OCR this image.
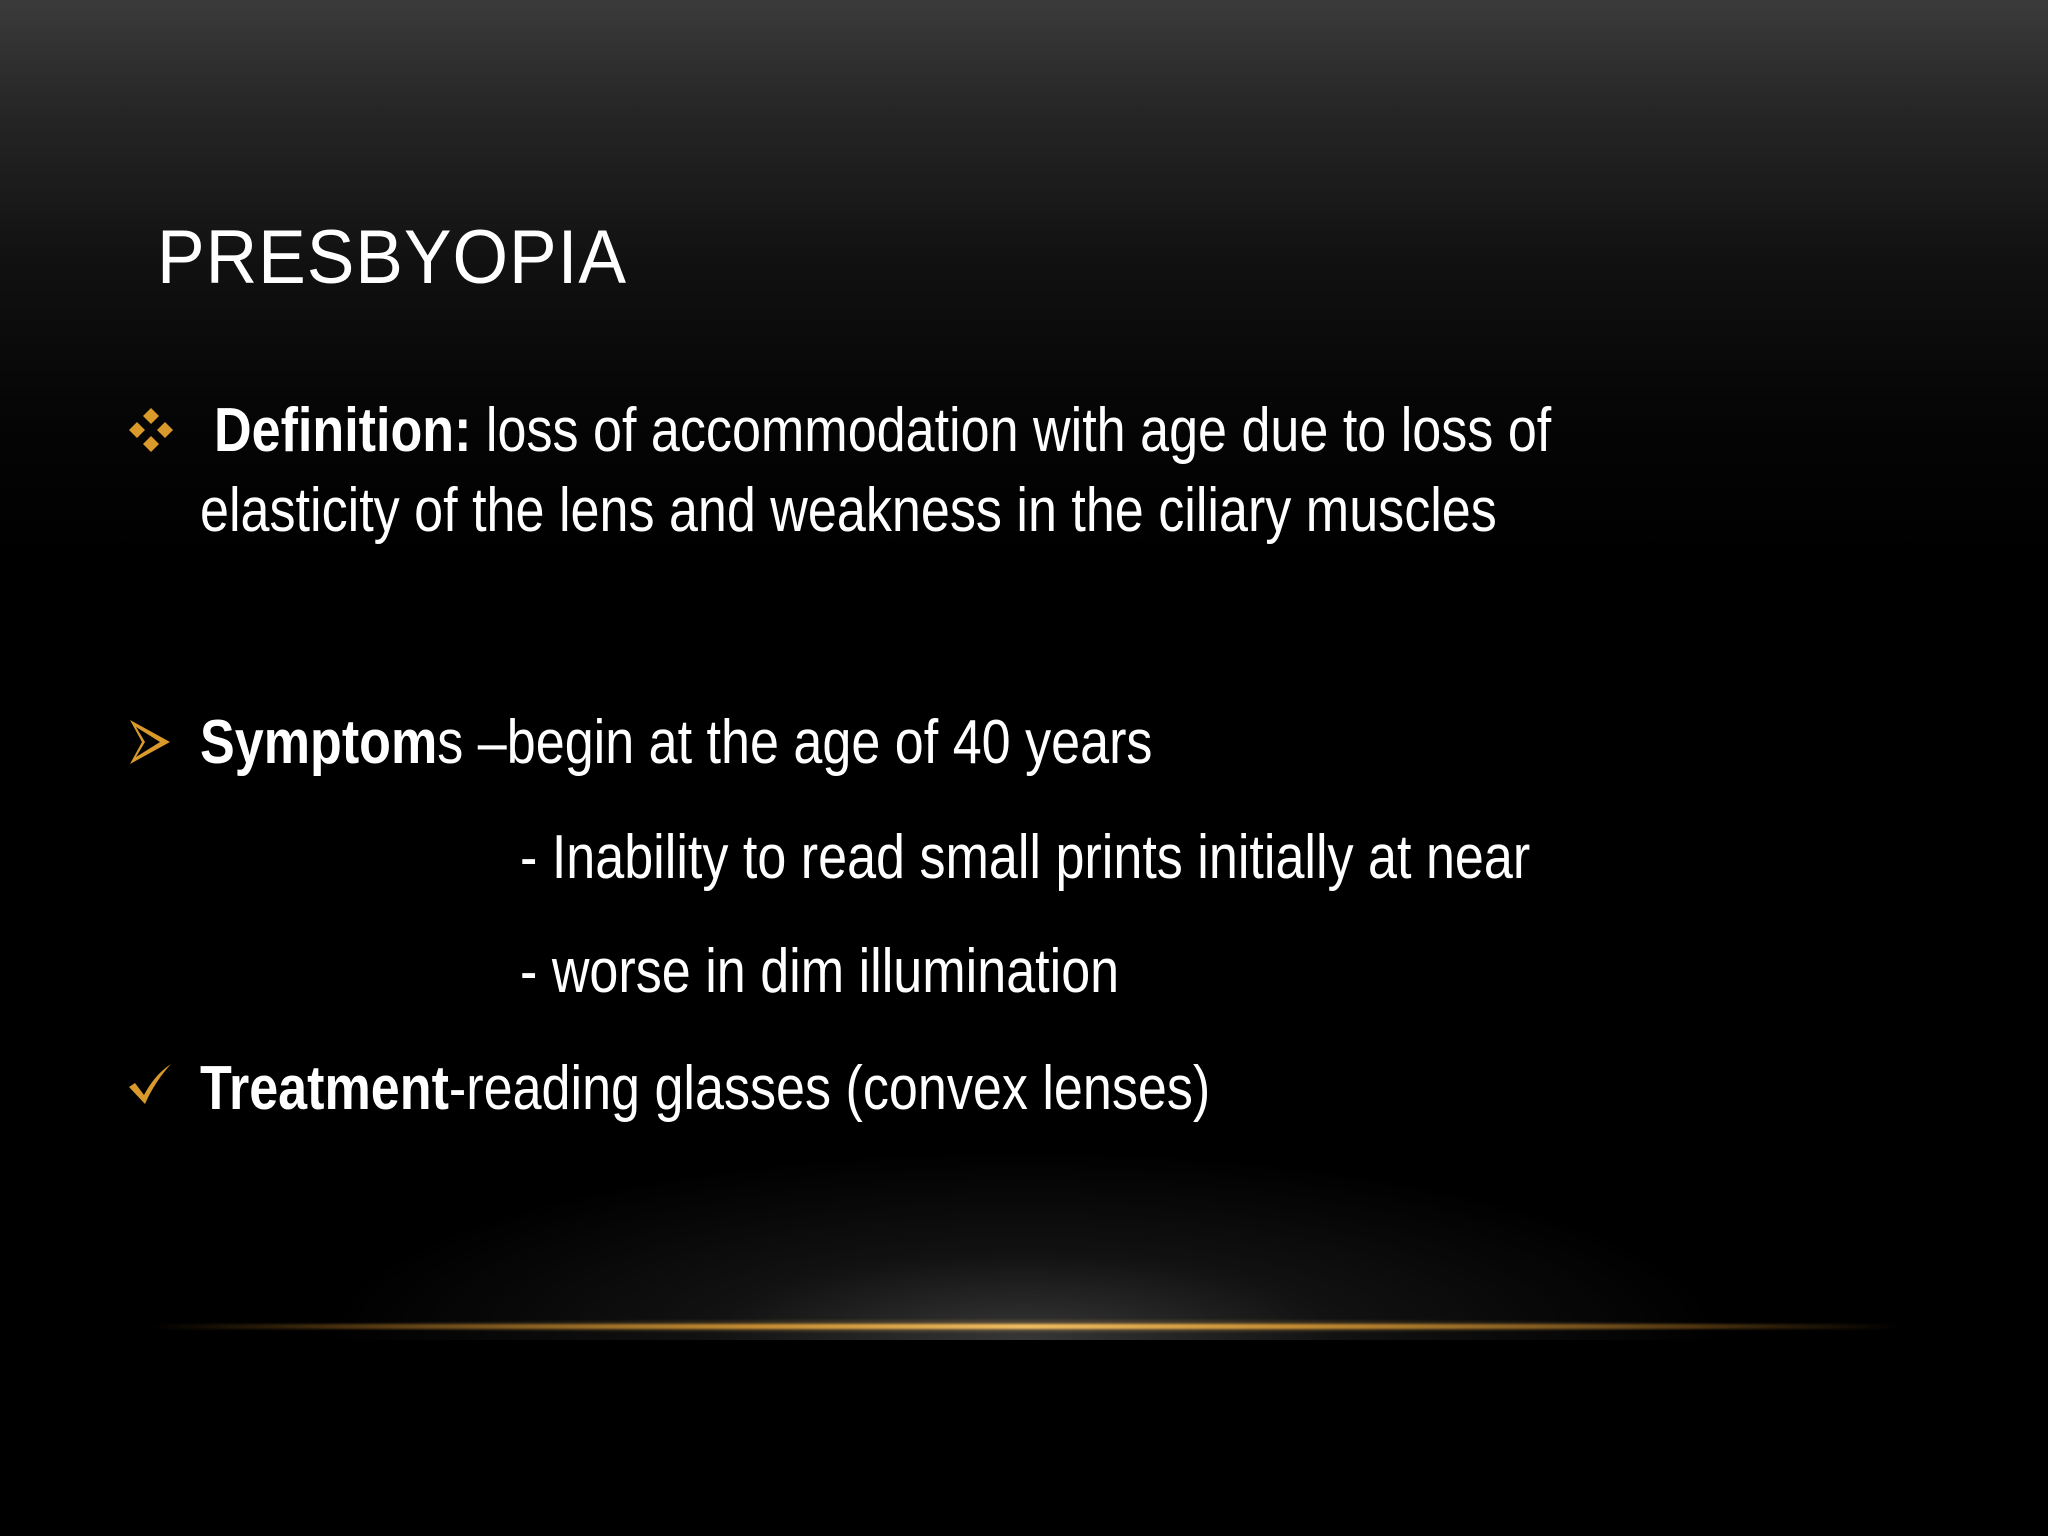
PRESBYOPIA
Definition: loss of accommodation with age due to loss of
elasticity of the lens and weakness in the ciliary muscles
Symptoms –begin at the age of 40 years
- Inability to read small prints initially at near
- worse in dim illumination
Treatment-reading glasses (convex lenses)
